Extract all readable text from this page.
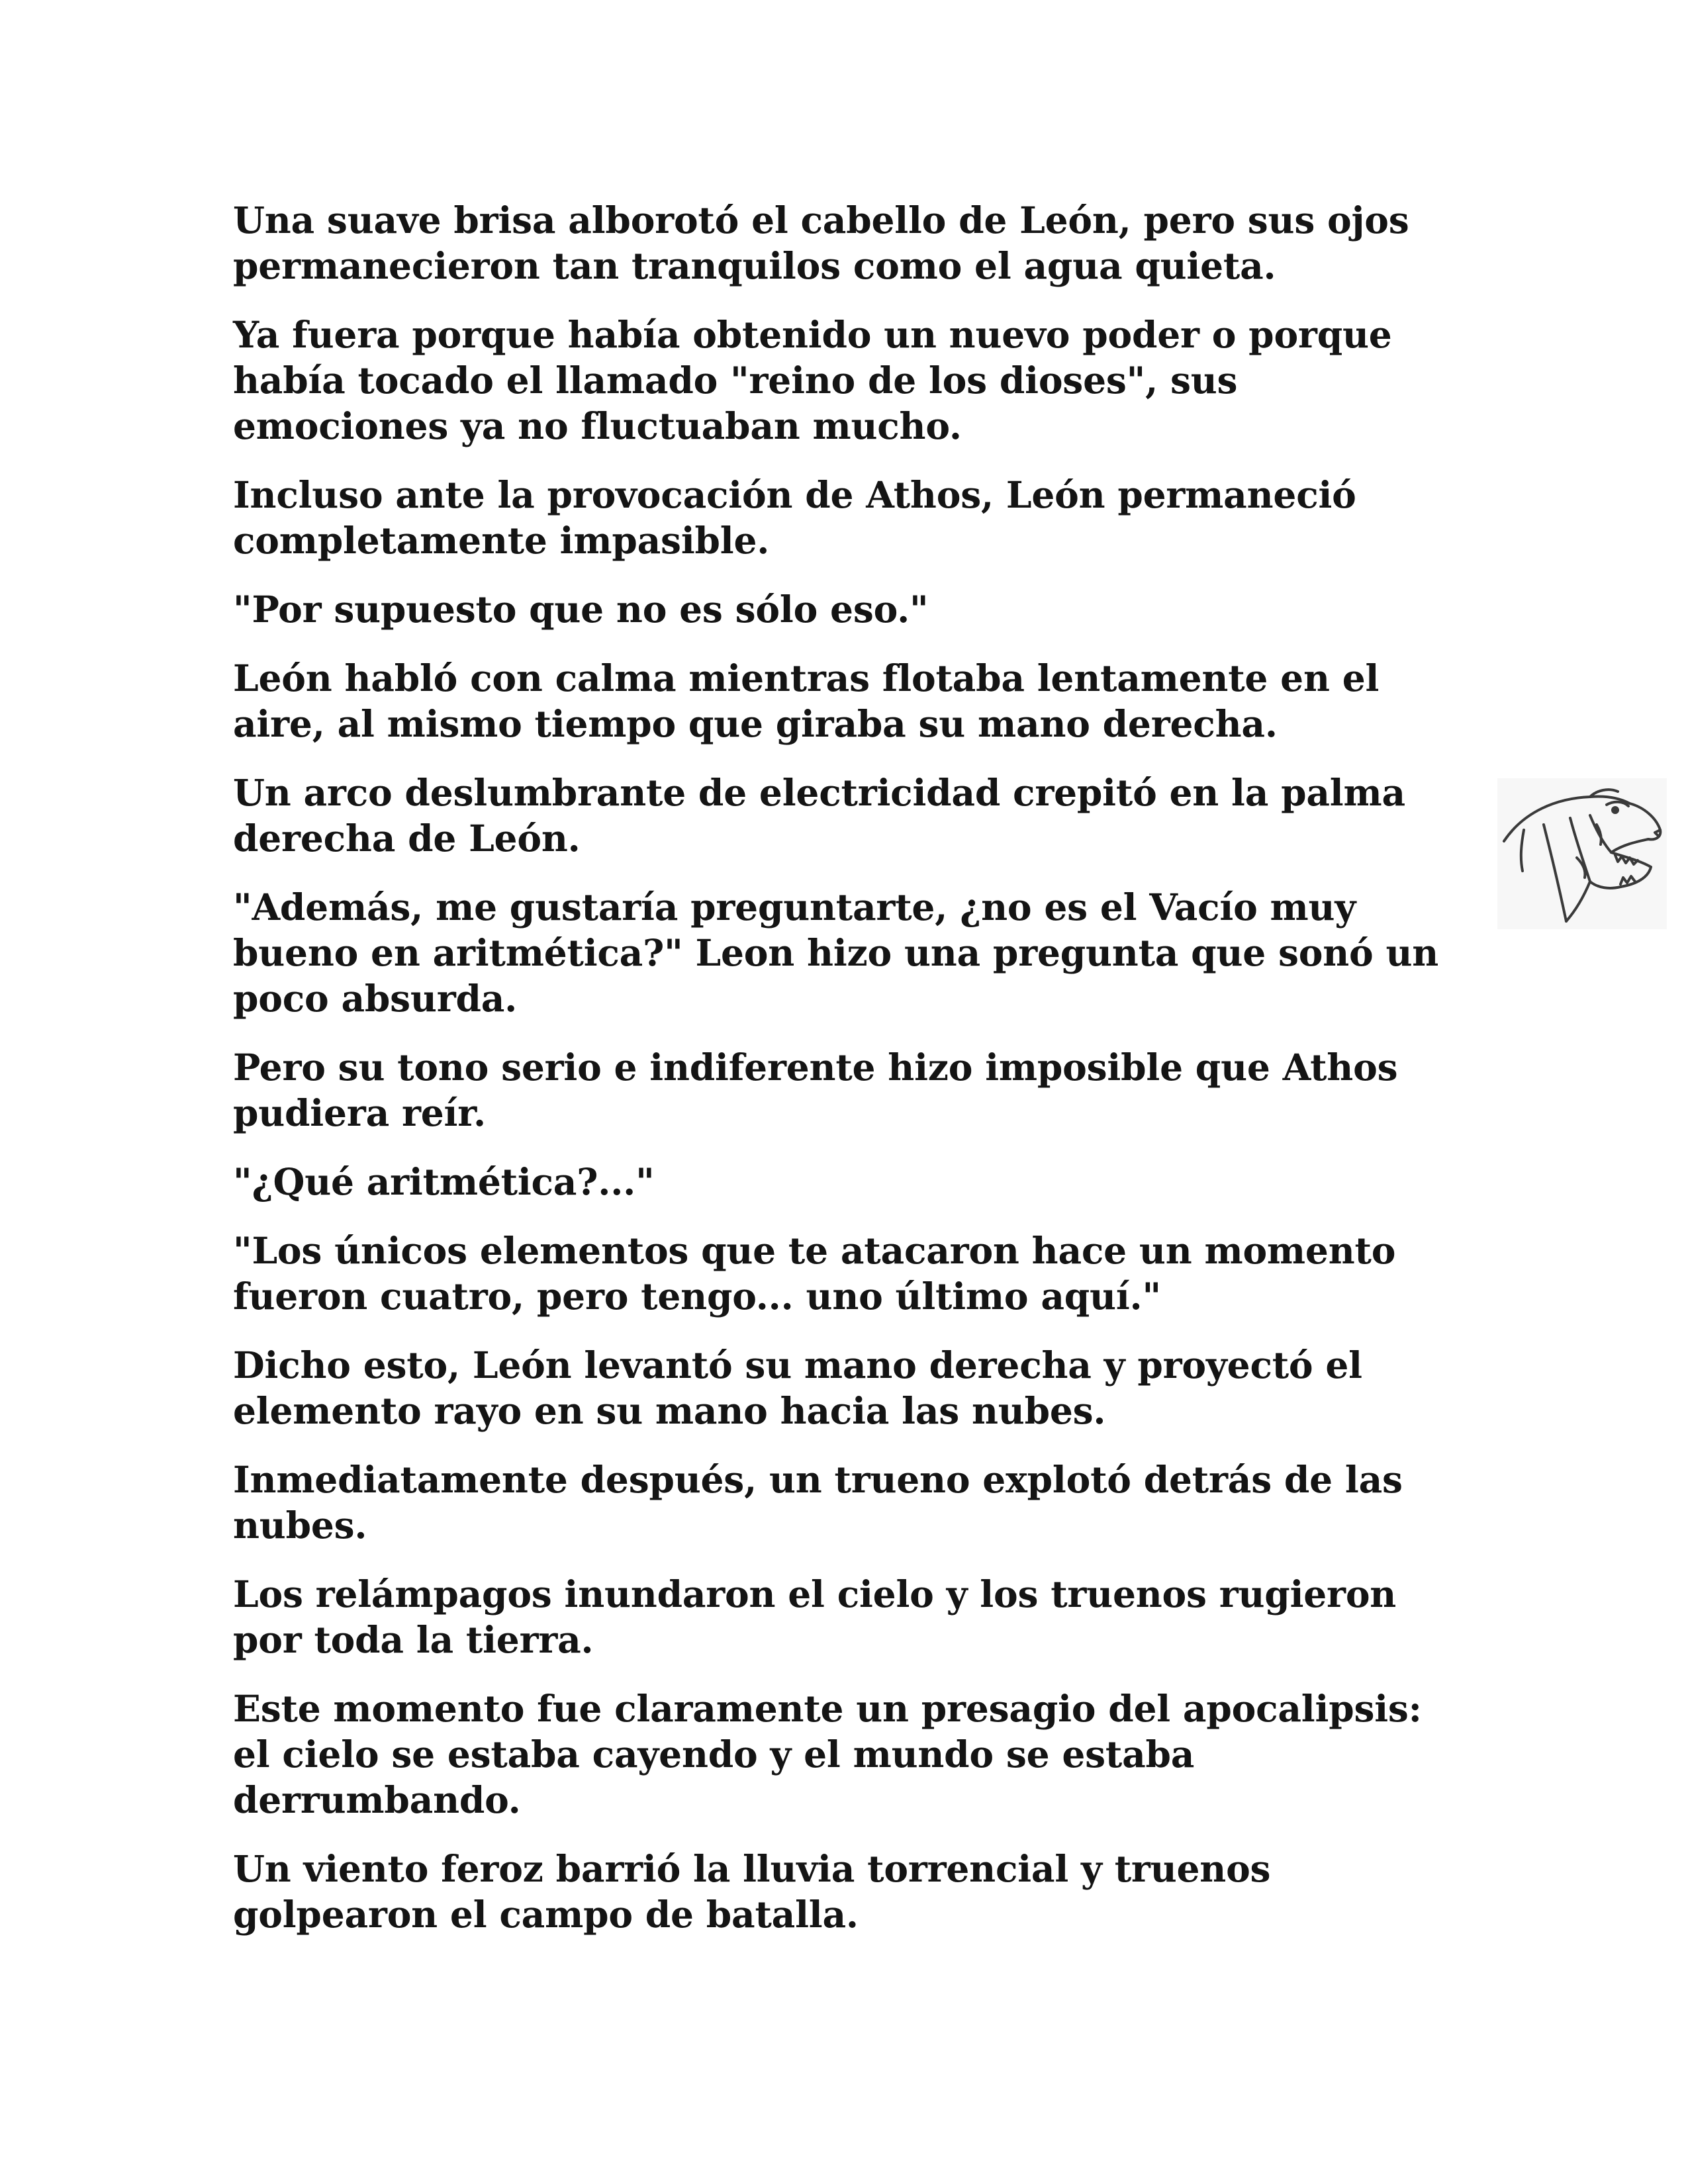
Una suave brisa alborotó el cabello de León, pero sus ojos permanecieron tan tranquilos como el agua quieta.

Ya fuera porque había obtenido un nuevo poder o porque había tocado el llamado "reino de los dioses", sus emociones ya no fluctuaban mucho.

Incluso ante la provocación de Athos, León permaneció completamente impasible.

"Por supuesto que no es sólo eso."

León habló con calma mientras flotaba lentamente en el aire, al mismo tiempo que giraba su mano derecha.

Un arco deslumbrante de electricidad crepitó en la palma derecha de León.

"Además, me gustaría preguntarte, ¿no es el Vacío muy bueno en aritmética?" Leon hizo una pregunta que sonó un poco absurda.

Pero su tono serio e indiferente hizo imposible que Athos pudiera reír.

"¿Qué aritmética?..."

"Los únicos elementos que te atacaron hace un momento fueron cuatro, pero tengo... uno último aquí."

Dicho esto, León levantó su mano derecha y proyectó el elemento rayo en su mano hacia las nubes.

Inmediatamente después, un trueno explotó detrás de las nubes.

Los relámpagos inundaron el cielo y los truenos rugieron por toda la tierra.

Este momento fue claramente un presagio del apocalipsis: el cielo se estaba cayendo y el mundo se estaba derrumbando.

Un viento feroz barrió la lluvia torrencial y truenos golpearon el campo de batalla.
